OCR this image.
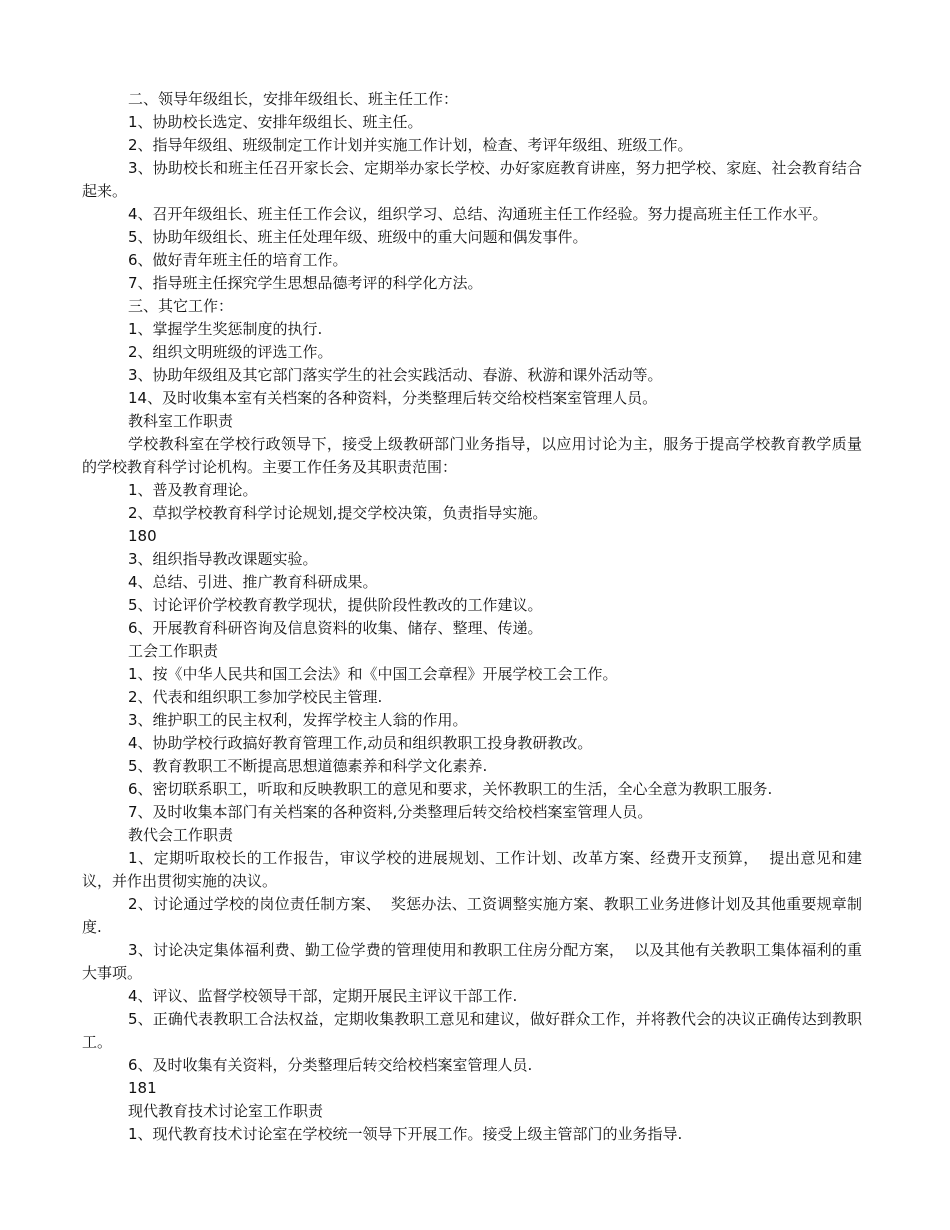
二、领导年级组长，安排年级组长、班主任工作：

1、协助校长选定、安排年级组长、班主任。

2、指导年级组、班级制定工作计划并实施工作计划，检查、考评年级组、班级工作。

3、协助校长和班主任召开家长会、定期举办家长学校、办好家庭教育讲座，努力把学校、家庭、社会教育结合起来。

4、召开年级组长、班主任工作会议，组织学习、总结、沟通班主任工作经验。努力提高班主任工作水平。

5、协助年级组长、班主任处理年级、班级中的重大问题和偶发事件。

6、做好青年班主任的培育工作。

7、指导班主任探究学生思想品德考评的科学化方法。

三、其它工作：

1、掌握学生奖惩制度的执行.

2、组织文明班级的评选工作。

3、协助年级组及其它部门落实学生的社会实践活动、春游、秋游和课外活动等。

14、及时收集本室有关档案的各种资料，分类整理后转交给校档案室管理人员。

教科室工作职责

学校教科室在学校行政领导下，接受上级教研部门业务指导，以应用讨论为主，服务于提高学校教育教学质量的学校教育科学讨论机构。主要工作任务及其职责范围：

1、普及教育理论。

2、草拟学校教育科学讨论规划,提交学校决策，负责指导实施。

180

3、组织指导教改课题实验。

4、总结、引进、推广教育科研成果。

5、讨论评价学校教育教学现状，提供阶段性教改的工作建议。

6、开展教育科研咨询及信息资料的收集、储存、整理、传递。

工会工作职责

1、按《中华人民共和国工会法》和《中国工会章程》开展学校工会工作。

2、代表和组织职工参加学校民主管理.

3、维护职工的民主权利，发挥学校主人翁的作用。

4、协助学校行政搞好教育管理工作,动员和组织教职工投身教研教改。

5、教育教职工不断提高思想道德素养和科学文化素养.

6、密切联系职工，听取和反映教职工的意见和要求，关怀教职工的生活，全心全意为教职工服务.

7、及时收集本部门有关档案的各种资料,分类整理后转交给校档案室管理人员。

教代会工作职责

1、定期听取校长的工作报告，审议学校的进展规划、工作计划、改革方案、经费开支预算，  提出意见和建议，并作出贯彻实施的决议。

2、讨论通过学校的岗位责任制方案、  奖惩办法、工资调整实施方案、教职工业务进修计划及其他重要规章制度.

3、讨论决定集体福利费、勤工俭学费的管理使用和教职工住房分配方案，  以及其他有关教职工集体福利的重大事项。

4、评议、监督学校领导干部，定期开展民主评议干部工作.

5、正确代表教职工合法权益，定期收集教职工意见和建议，做好群众工作，并将教代会的决议正确传达到教职工。

6、及时收集有关资料，分类整理后转交给校档案室管理人员.

181

现代教育技术讨论室工作职责

1、现代教育技术讨论室在学校统一领导下开展工作。接受上级主管部门的业务指导.
